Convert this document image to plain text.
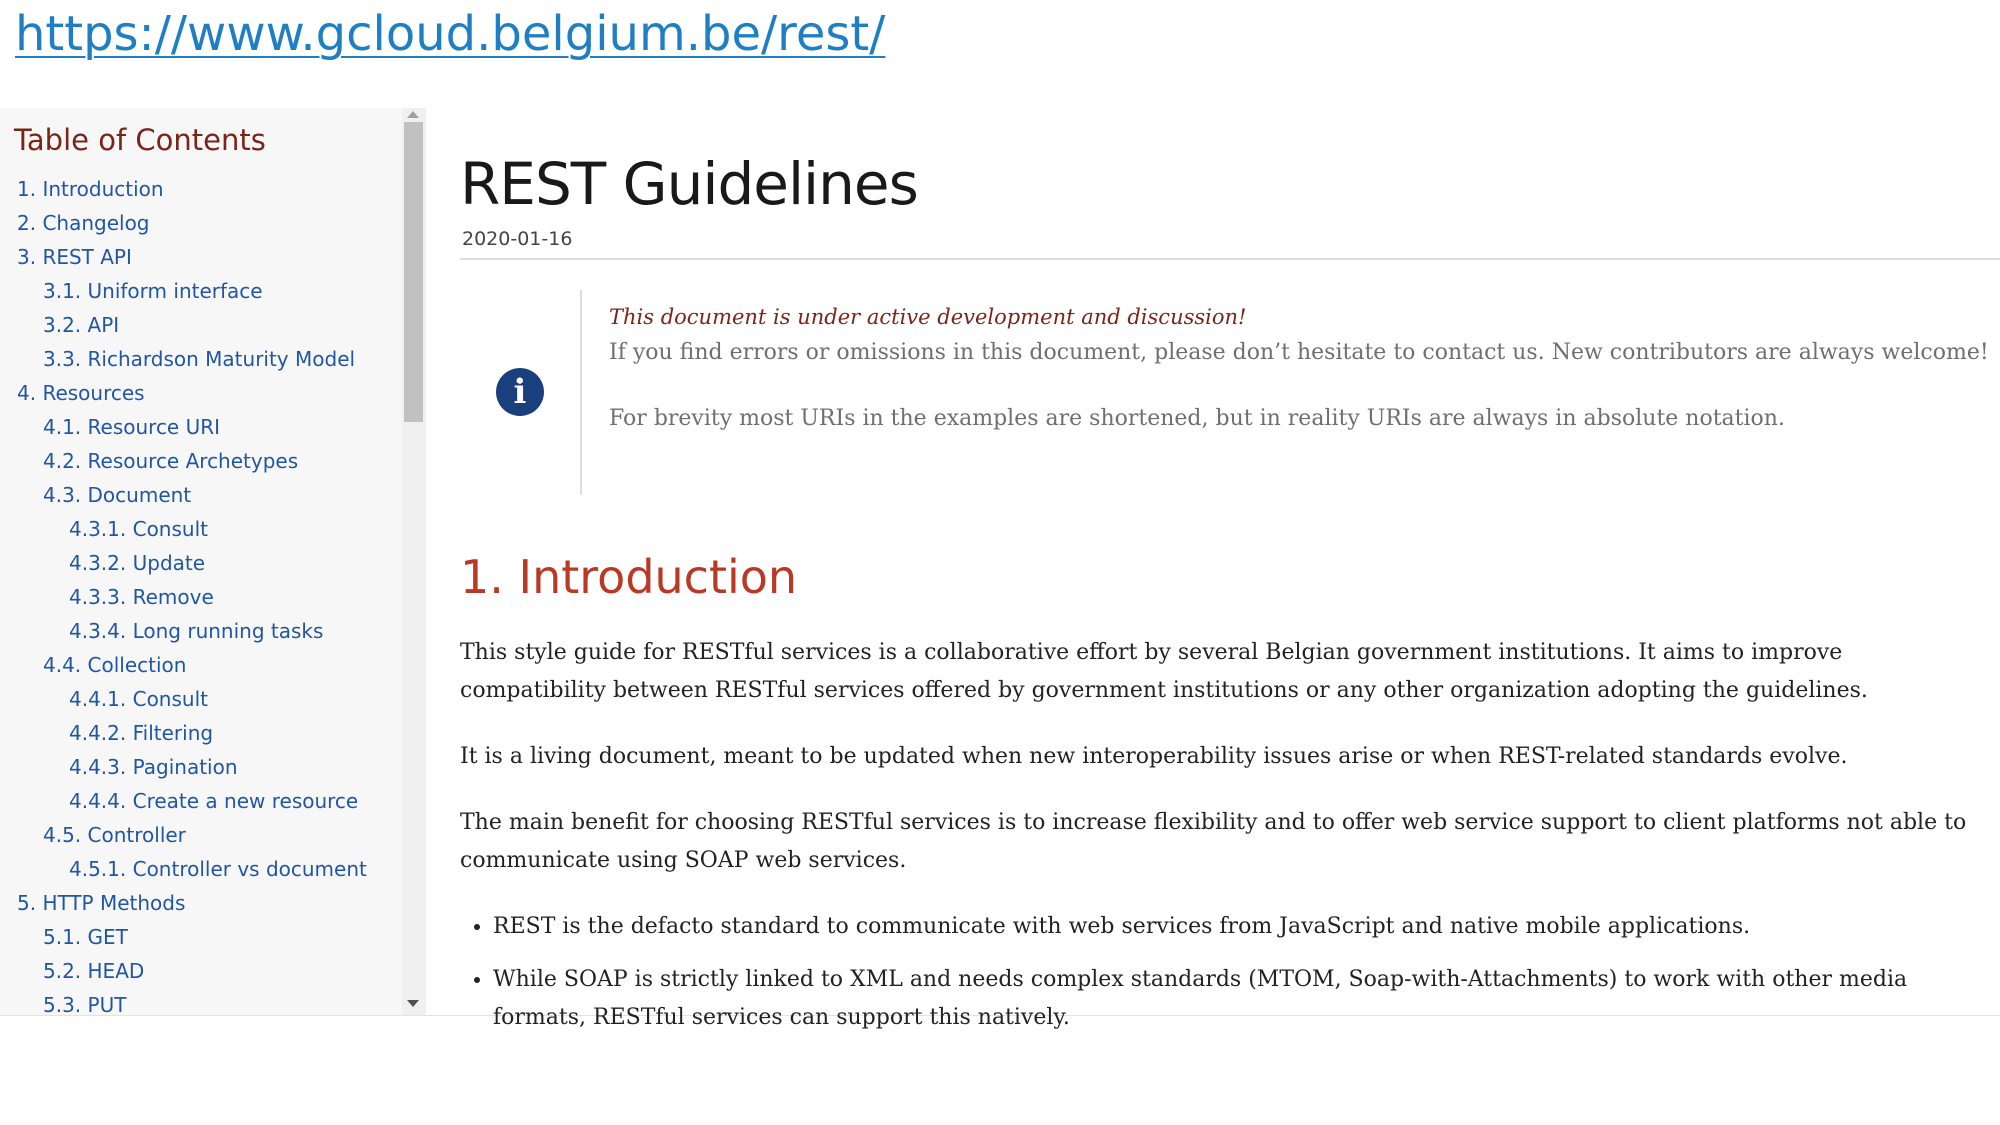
https://www.gcloud.belgium.be/rest/
Table of Contents
1. Introduction
2. Changelog
3. REST API
3.1. Uniform interface
3.2. API
3.3. Richardson Maturity Model
4. Resources
4.1. Resource URI
4.2. Resource Archetypes
4.3. Document
4.3.1. Consult
4.3.2. Update
4.3.3. Remove
4.3.4. Long running tasks
4.4. Collection
4.4.1. Consult
4.4.2. Filtering
4.4.3. Pagination
4.4.4. Create a new resource
4.5. Controller
4.5.1. Controller vs document
5. HTTP Methods
5.1. GET
5.2. HEAD
5.3. PUT
REST Guidelines
2020-01-16
i
This document is under active development and discussion!

If you find errors or omissions in this document, please don’t hesitate to contact us. New contributors are always welcome!

For brevity most URIs in the examples are shortened, but in reality URIs are always in absolute notation.

1. Introduction

This style guide for RESTful services is a collaborative effort by several Belgian government institutions. It aims to improve compatibility between RESTful services offered by government institutions or any other organization adopting the guidelines.

It is a living document, meant to be updated when new interoperability issues arise or when REST-related standards evolve.

The main benefit for choosing RESTful services is to increase flexibility and to offer web service support to client platforms not able to communicate using SOAP web services.

• REST is the defacto standard to communicate with web services from JavaScript and native mobile applications.
• While SOAP is strictly linked to XML and needs complex standards (MTOM, Soap-with-Attachments) to work with other media formats, RESTful services can support this natively.
